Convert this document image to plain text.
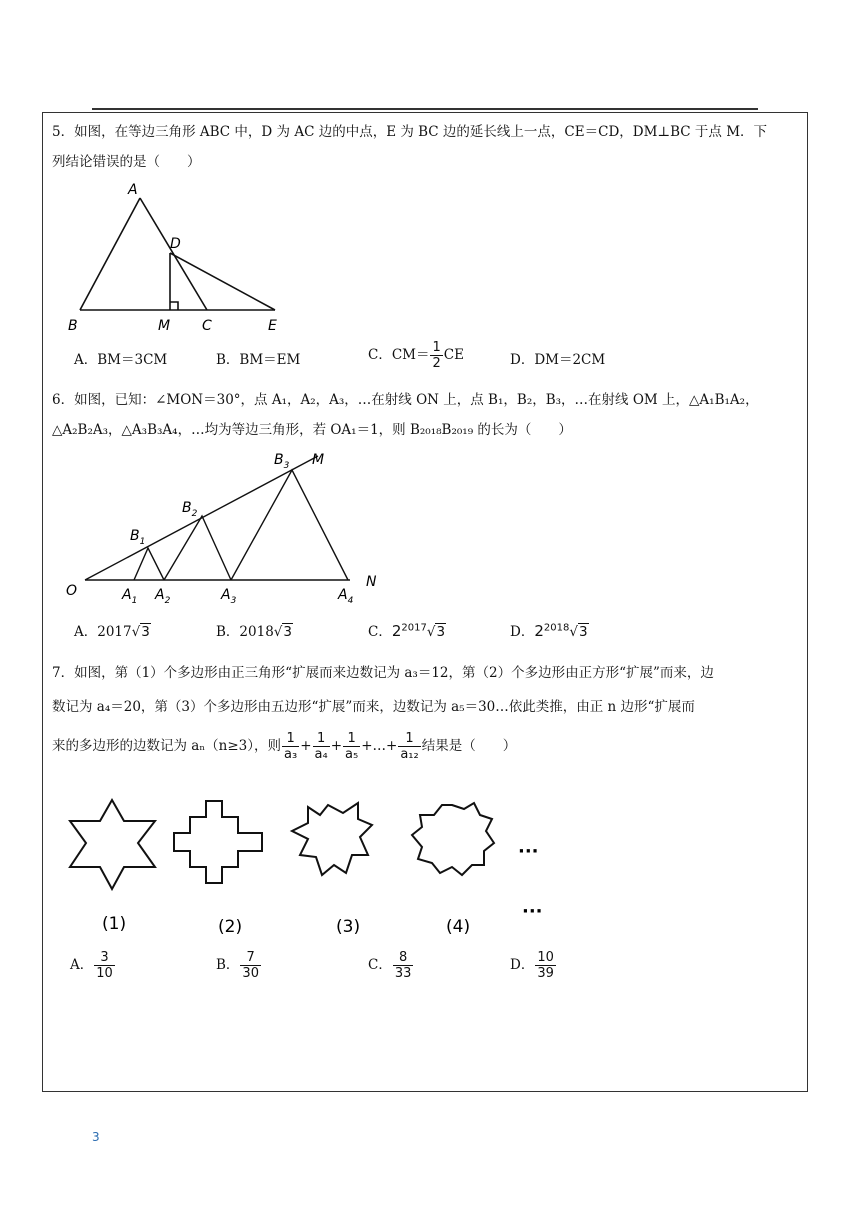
5．如图，在等边三角形 ABC 中，D 为 AC 边的中点，E 为 BC 边的延长线上一点，CE＝CD，DM⊥BC 于点 M．下

列结论错误的是（　　）

A
D
B	M C	E
A．BM＝3CM	B．BM＝EM	C．$CM= \frac{1}{2}$ CE	D．DM＝2CM

6．如图，已知：∠MON＝30°，点 A₁，A₂，A₃，…在射线 ON 上，点 B₁，B₂，B₃，…在射线 OM 上，△A₁B₁A₂，

△A₂B₂A₃，△A₃B₃A₄，…均为等边三角形，若 OA₁＝1，则 B₂₀₁₈B₂₀₁₉ 的长为（　　）

O
N
M
$A_1$ $A_2$	$A_3$	$A_4$
$B_1$
$B_2$
$B_3$
A．2017√3	B．2018√3	C．$2^{2017}√3$	D．$2^{2018}√3$

7．如图，第（1）个多边形由正三角形“扩展而来边数记为 a₃＝12，第（2）个多边形由正方形“扩展”而来，边

数记为 a₄＝20，第（3）个多边形由五边形“扩展”而来，边数记为 a₅＝30…依此类推，由正 n 边形“扩展而

来的多边形的边数记为 aₙ（n≥3），则 $\frac{1}{\text{a₃}} + \frac{1}{\text{a₄}} + \frac{1}{\text{a₅}}$ +…+ $\frac{1}{\text{a₁₂}}$ 结果是（　　）

(1)	(2)	(3)	(4)
···
···
A． $\frac{3}{10}$	B． $\frac{7}{30}$	C． $\frac{8}{33}$	D． $\frac{10}{39}$
3
